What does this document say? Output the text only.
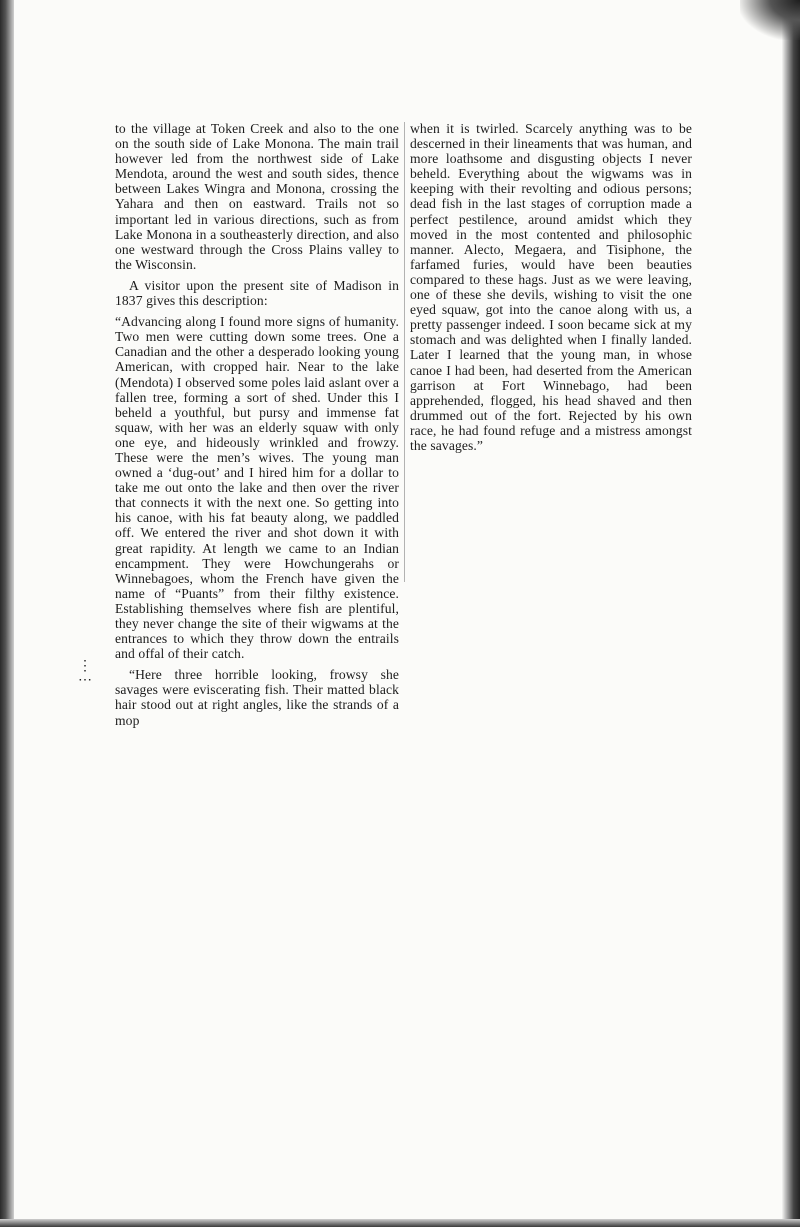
to the village at Token Creek and also to the one on the south side of Lake Monona. The main trail however led from the northwest side of Lake Mendota, around the west and south sides, thence between Lakes Wingra and Monona, crossing the Yahara and then on eastward. Trails not so important led in various directions, such as from Lake Monona in a southeasterly direction, and also one westward through the Cross Plains valley to the Wisconsin.

A visitor upon the present site of Madison in 1837 gives this description:

“Advancing along I found more signs of humanity. Two men were cutting down some trees. One a Canadian and the other a desperado looking young American, with cropped hair. Near to the lake (Mendota) I observed some poles laid aslant over a fallen tree, forming a sort of shed. Under this I beheld a youthful, but pursy and immense fat squaw, with her was an elderly squaw with only one eye, and hideously wrinkled and frowzy. These were the men’s wives. The young man owned a ‘dug-out’ and I hired him for a dollar to take me out onto the lake and then over the river that connects it with the next one. So getting into his canoe, with his fat beauty along, we paddled off. We entered the river and shot down it with great rapidity. At length we came to an Indian encampment. They were Howchungerahs or Winnebagoes, whom the French have given the name of “Puants” from their filthy existence. Establishing themselves where fish are plentiful, they never change the site of their wigwams at the entrances to which they throw down the entrails and offal of their catch.

“Here three horrible looking, frowsy she savages were eviscerating fish. Their matted black hair stood out at right angles, like the strands of a mop

when it is twirled. Scarcely anything was to be descerned in their lineaments that was human, and more loathsome and disgusting objects I never beheld. Everything about the wigwams was in keeping with their revolting and odious persons; dead fish in the last stages of corruption made a perfect pestilence, around amidst which they moved in the most contented and philosophic manner. Alecto, Megaera, and Tisiphone, the farfamed furies, would have been beauties compared to these hags. Just as we were leaving, one of these she devils, wishing to visit the one eyed squaw, got into the canoe along with us, a pretty passenger indeed. I soon became sick at my stomach and was delighted when I finally landed. Later I learned that the young man, in whose canoe I had been, had deserted from the American garrison at Fort Winnebago, had been apprehended, flogged, his head shaved and then drummed out of the fort. Rejected by his own race, he had found refuge and a mistress amongst the savages.”

⋮
⋯
